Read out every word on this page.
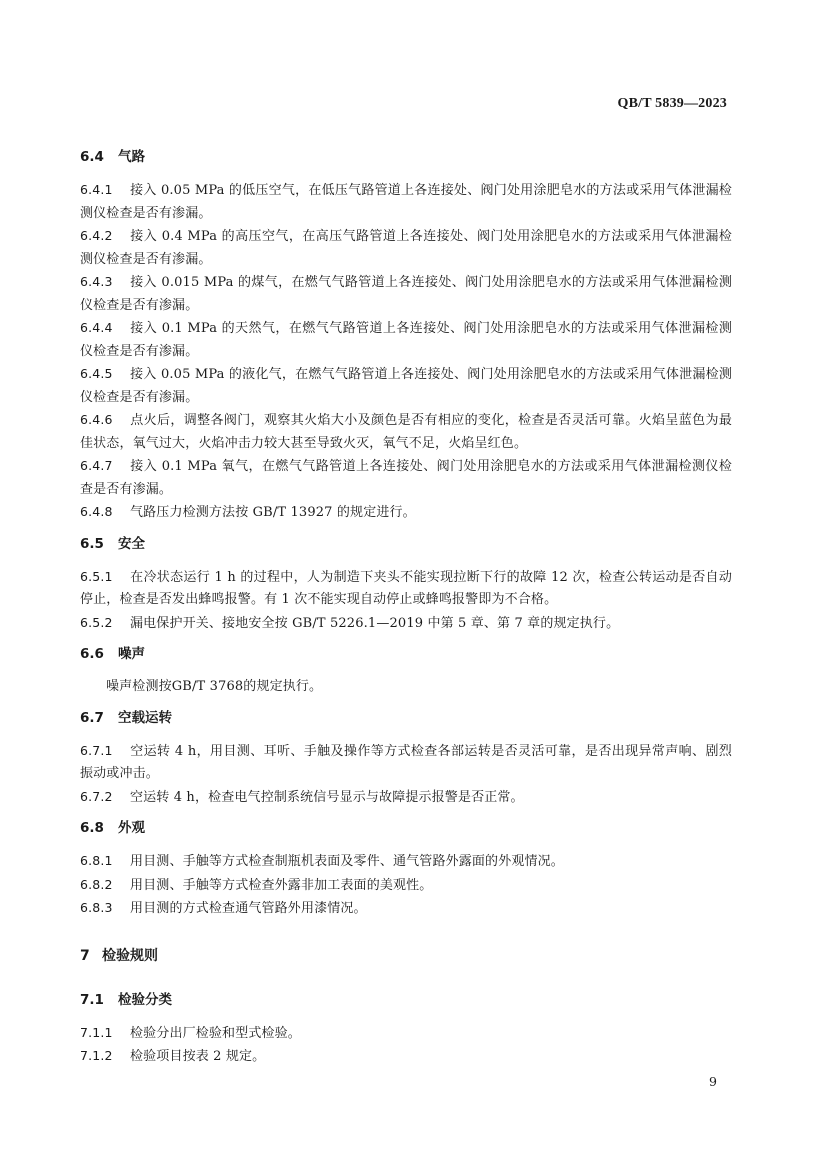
QB/T 5839—2023
6.4 气路

6.4.1 接入 0.05 MPa 的低压空气，在低压气路管道上各连接处、阀门处用涂肥皂水的方法或采用气体泄漏检测仪检查是否有渗漏。

6.4.2 接入 0.4 MPa 的高压空气，在高压气路管道上各连接处、阀门处用涂肥皂水的方法或采用气体泄漏检测仪检查是否有渗漏。

6.4.3 接入 0.015 MPa 的煤气，在燃气气路管道上各连接处、阀门处用涂肥皂水的方法或采用气体泄漏检测仪检查是否有渗漏。

6.4.4 接入 0.1 MPa 的天然气，在燃气气路管道上各连接处、阀门处用涂肥皂水的方法或采用气体泄漏检测仪检查是否有渗漏。

6.4.5 接入 0.05 MPa 的液化气，在燃气气路管道上各连接处、阀门处用涂肥皂水的方法或采用气体泄漏检测仪检查是否有渗漏。

6.4.6 点火后，调整各阀门，观察其火焰大小及颜色是否有相应的变化，检查是否灵活可靠。火焰呈蓝色为最佳状态，氧气过大，火焰冲击力较大甚至导致火灭，氧气不足，火焰呈红色。

6.4.7 接入 0.1 MPa 氧气，在燃气气路管道上各连接处、阀门处用涂肥皂水的方法或采用气体泄漏检测仪检查是否有渗漏。

6.4.8 气路压力检测方法按 GB/T 13927 的规定进行。

6.5 安全

6.5.1 在冷状态运行 1 h 的过程中，人为制造下夹头不能实现拉断下行的故障 12 次，检查公转运动是否自动停止，检查是否发出蜂鸣报警。有 1 次不能实现自动停止或蜂鸣报警即为不合格。

6.5.2 漏电保护开关、接地安全按 GB/T 5226.1—2019 中第 5 章、第 7 章的规定执行。

6.6 噪声

噪声检测按GB/T 3768的规定执行。

6.7 空载运转

6.7.1 空运转 4 h，用目测、耳听、手触及操作等方式检查各部运转是否灵活可靠，是否出现异常声响、剧烈振动或冲击。

6.7.2 空运转 4 h，检查电气控制系统信号显示与故障提示报警是否正常。

6.8 外观

6.8.1 用目测、手触等方式检查制瓶机表面及零件、通气管路外露面的外观情况。

6.8.2 用目测、手触等方式检查外露非加工表面的美观性。

6.8.3 用目测的方式检查通气管路外用漆情况。

7 检验规则
7.1 检验分类

7.1.1 检验分出厂检验和型式检验。

7.1.2 检验项目按表 2 规定。

9
